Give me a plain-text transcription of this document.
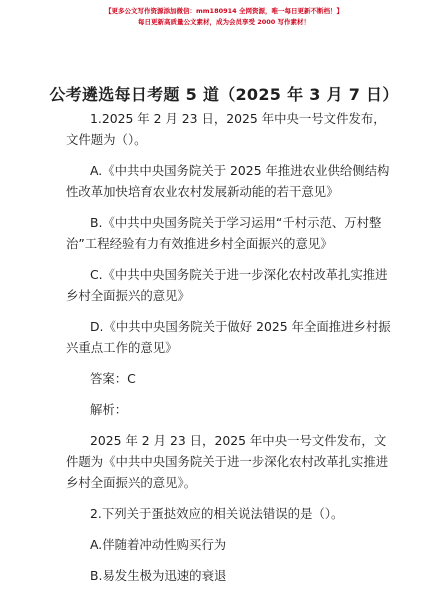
【更多公文写作资源添加微信：mm180914 全网资源，唯一每日更新不断档！】
每日更新高质量公文素材，成为会员享受 2000 写作素材！
公考遴选每日考题 5 道（2025 年 3 月 7 日）

1.2025 年 2 月 23 日，2025 年中央一号文件发布，文件题为（）。

A.《中共中央国务院关于 2025 年推进农业供给侧结构性改革加快培育农业农村发展新动能的若干意见》

B.《中共中央国务院关于学习运用“千村示范、万村整治”工程经验有力有效推进乡村全面振兴的意见》

C.《中共中央国务院关于进一步深化农村改革扎实推进乡村全面振兴的意见》

D.《中共中央国务院关于做好 2025 年全面推进乡村振兴重点工作的意见》

答案：C

解析：

2025 年 2 月 23 日，2025 年中央一号文件发布，文件题为《中共中央国务院关于进一步深化农村改革扎实推进乡村全面振兴的意见》。

2.下列关于蛋挞效应的相关说法错误的是（）。

A.伴随着冲动性购买行为

B.易发生极为迅速的衰退
